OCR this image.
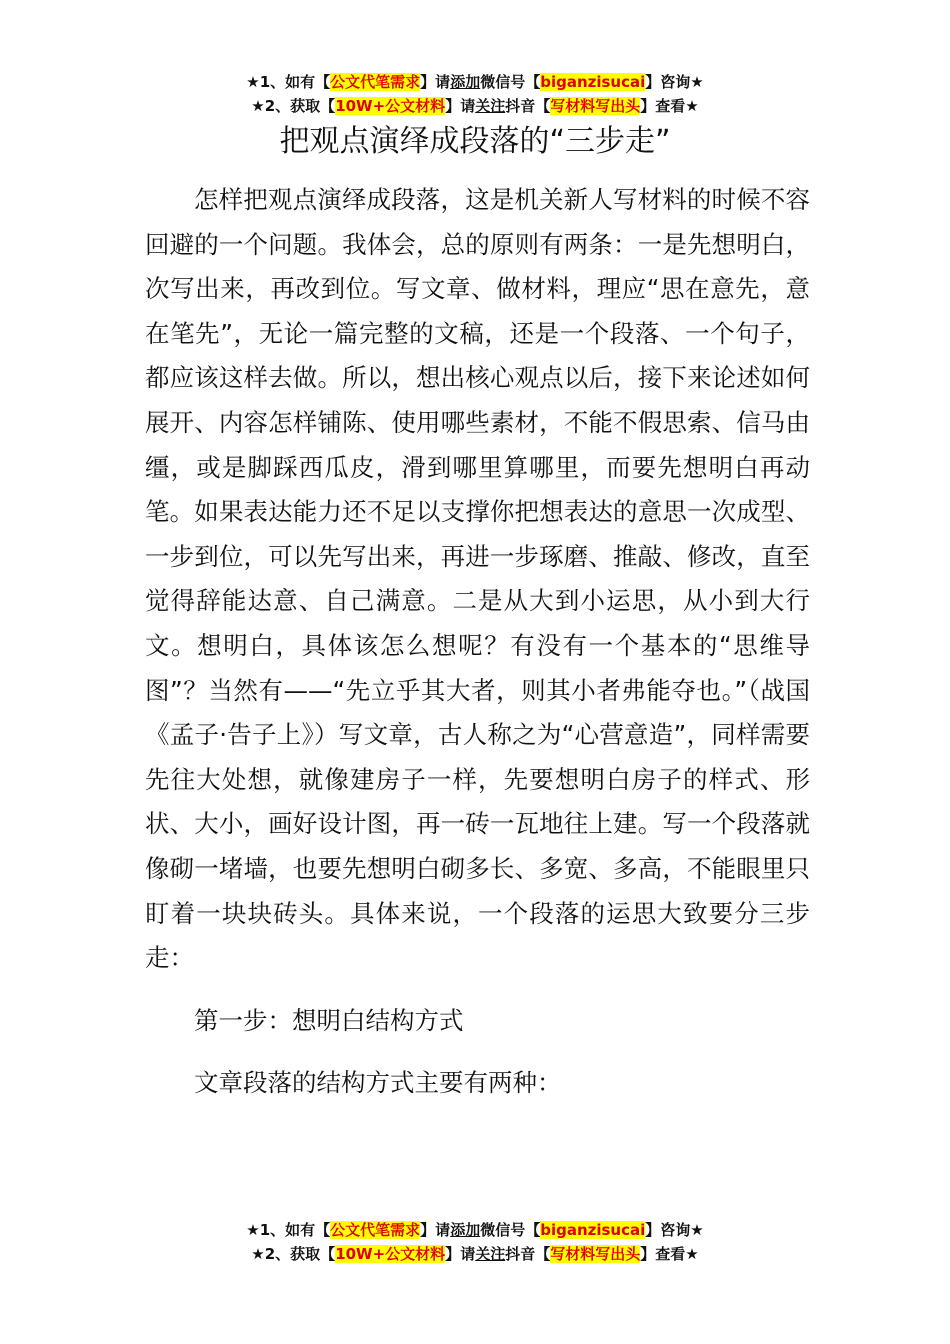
★1、如有【公文代笔需求】请添加微信号【biganzisucai】咨询★
★2、获取【10W+公文材料】请关注抖音【写材料写出头】查看★
把观点演绎成段落的“三步走”

怎样把观点演绎成段落，这是机关新人写材料的时候不容回避的一个问题。我体会，总的原则有两条：一是先想明白，次写出来，再改到位。写文章、做材料，理应“思在意先，意在笔先”，无论一篇完整的文稿，还是一个段落、一个句子，都应该这样去做。所以，想出核心观点以后，接下来论述如何展开、内容怎样铺陈、使用哪些素材，不能不假思索、信马由缰，或是脚踩西瓜皮，滑到哪里算哪里，而要先想明白再动笔。如果表达能力还不足以支撑你把想表达的意思一次成型、一步到位，可以先写出来，再进一步琢磨、推敲、修改，直至觉得辞能达意、自己满意。二是从大到小运思，从小到大行文。想明白，具体该怎么想呢？有没有一个基本的“思维导图”？当然有——“先立乎其大者，则其小者弗能夺也。”（战国《孟子·告子上》）写文章，古人称之为“心营意造”，同样需要先往大处想，就像建房子一样，先要想明白房子的样式、形状、大小，画好设计图，再一砖一瓦地往上建。写一个段落就像砌一堵墙，也要先想明白砌多长、多宽、多高，不能眼里只盯着一块块砖头。具体来说，一个段落的运思大致要分三步走：

第一步：想明白结构方式

文章段落的结构方式主要有两种：

★1、如有【公文代笔需求】请添加微信号【biganzisucai】咨询★
★2、获取【10W+公文材料】请关注抖音【写材料写出头】查看★
